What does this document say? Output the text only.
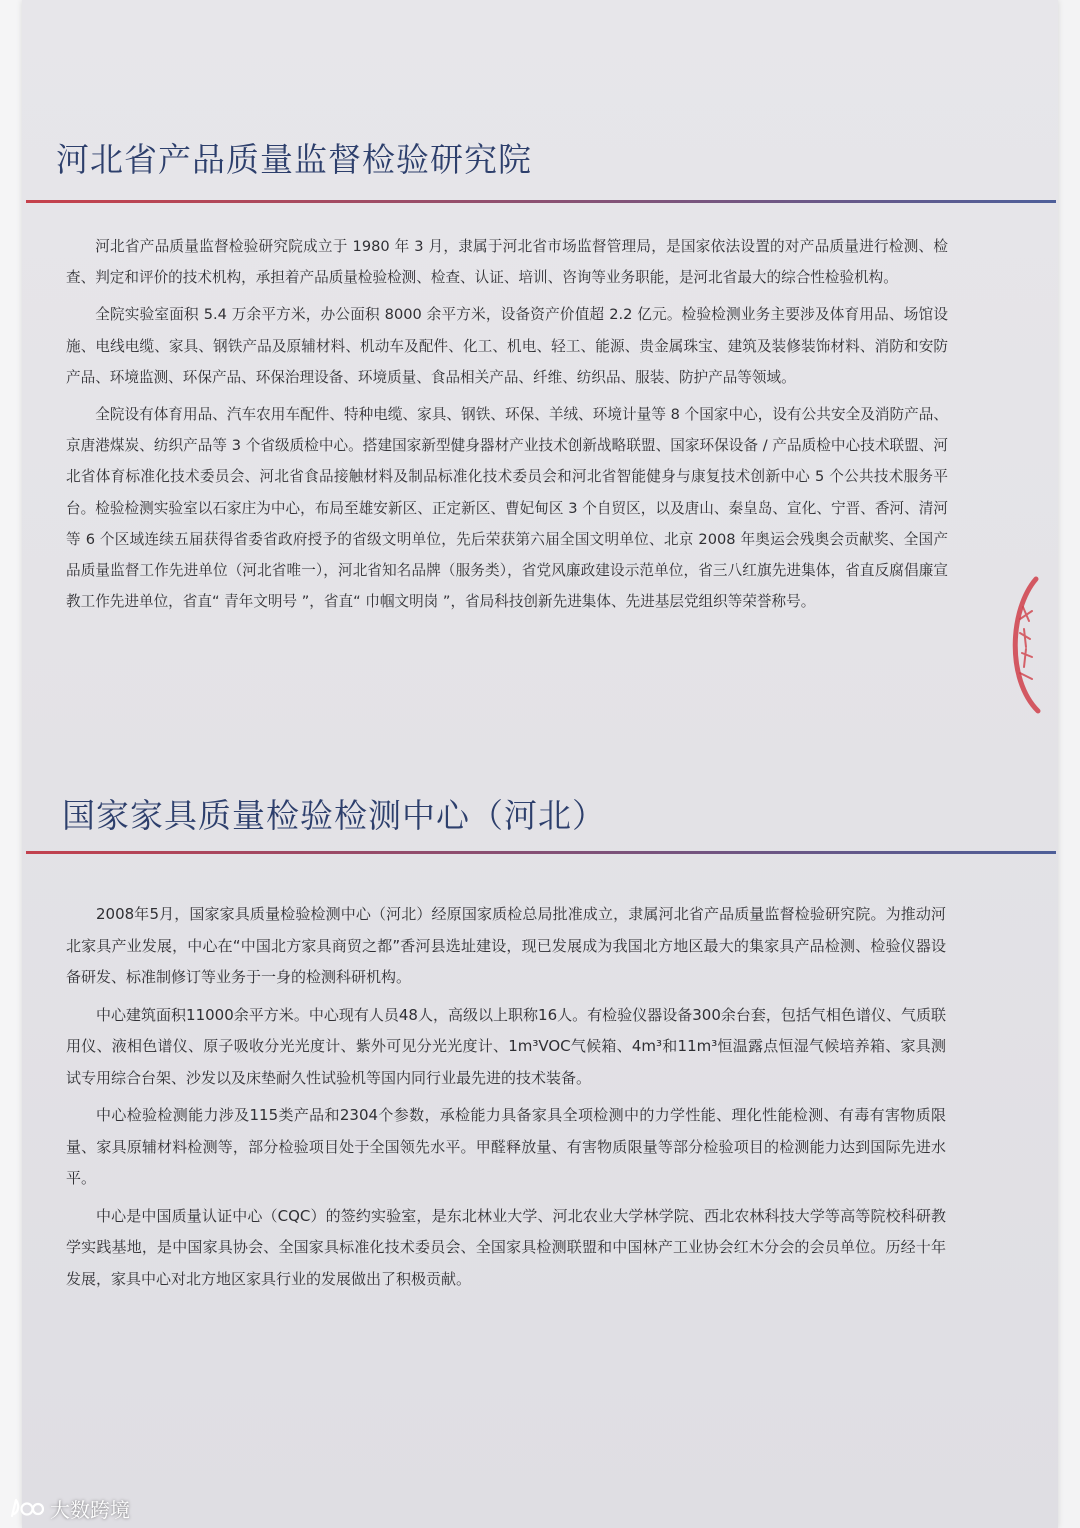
河北省产品质量监督检验研究院

河北省产品质量监督检验研究院成立于 1980 年 3 月，隶属于河北省市场监督管理局，是国家依法设置的对产品质量进行检测、检查、判定和评价的技术机构，承担着产品质量检验检测、检查、认证、培训、咨询等业务职能，是河北省最大的综合性检验机构。

全院实验室面积 5.4 万余平方米，办公面积 8000 余平方米，设备资产价值超 2.2 亿元。检验检测业务主要涉及体育用品、场馆设施、电线电缆、家具、钢铁产品及原辅材料、机动车及配件、化工、机电、轻工、能源、贵金属珠宝、建筑及装修装饰材料、消防和安防产品、环境监测、环保产品、环保治理设备、环境质量、食品相关产品、纤维、纺织品、服装、防护产品等领域。

全院设有体育用品、汽车农用车配件、特种电缆、家具、钢铁、环保、羊绒、环境计量等 8 个国家中心，设有公共安全及消防产品、京唐港煤炭、纺织产品等 3 个省级质检中心。搭建国家新型健身器材产业技术创新战略联盟、国家环保设备 / 产品质检中心技术联盟、河北省体育标准化技术委员会、河北省食品接触材料及制品标准化技术委员会和河北省智能健身与康复技术创新中心 5 个公共技术服务平台。检验检测实验室以石家庄为中心，布局至雄安新区、正定新区、曹妃甸区 3 个自贸区，以及唐山、秦皇岛、宣化、宁晋、香河、清河等 6 个区域连续五届获得省委省政府授予的省级文明单位，先后荣获第六届全国文明单位、北京 2008 年奥运会残奥会贡献奖、全国产品质量监督工作先进单位（河北省唯一），河北省知名品牌（服务类），省党风廉政建设示范单位，省三八红旗先进集体，省直反腐倡廉宣教工作先进单位，省直“ 青年文明号 ”，省直“ 巾帼文明岗 ”，省局科技创新先进集体、先进基层党组织等荣誉称号。

国家家具质量检验检测中心（河北）

2008年5月，国家家具质量检验检测中心（河北）经原国家质检总局批准成立，隶属河北省产品质量监督检验研究院。为推动河北家具产业发展，中心在“中国北方家具商贸之都”香河县选址建设，现已发展成为我国北方地区最大的集家具产品检测、检验仪器设备研发、标准制修订等业务于一身的检测科研机构。

中心建筑面积11000余平方米。中心现有人员48人，高级以上职称16人。有检验仪器设备300余台套，包括气相色谱仪、气质联用仪、液相色谱仪、原子吸收分光光度计、紫外可见分光光度计、1m³VOC气候箱、4m³和11m³恒温露点恒湿气候培养箱、家具测试专用综合台架、沙发以及床垫耐久性试验机等国内同行业最先进的技术装备。

中心检验检测能力涉及115类产品和2304个参数，承检能力具备家具全项检测中的力学性能、理化性能检测、有毒有害物质限量、家具原辅材料检测等，部分检验项目处于全国领先水平。甲醛释放量、有害物质限量等部分检验项目的检测能力达到国际先进水平。

中心是中国质量认证中心（CQC）的签约实验室，是东北林业大学、河北农业大学林学院、西北农林科技大学等高等院校科研教学实践基地，是中国家具协会、全国家具标准化技术委员会、全国家具检测联盟和中国林产工业协会红木分会的会员单位。历经十年发展，家具中心对北方地区家具行业的发展做出了积极贡献。

大数跨境
